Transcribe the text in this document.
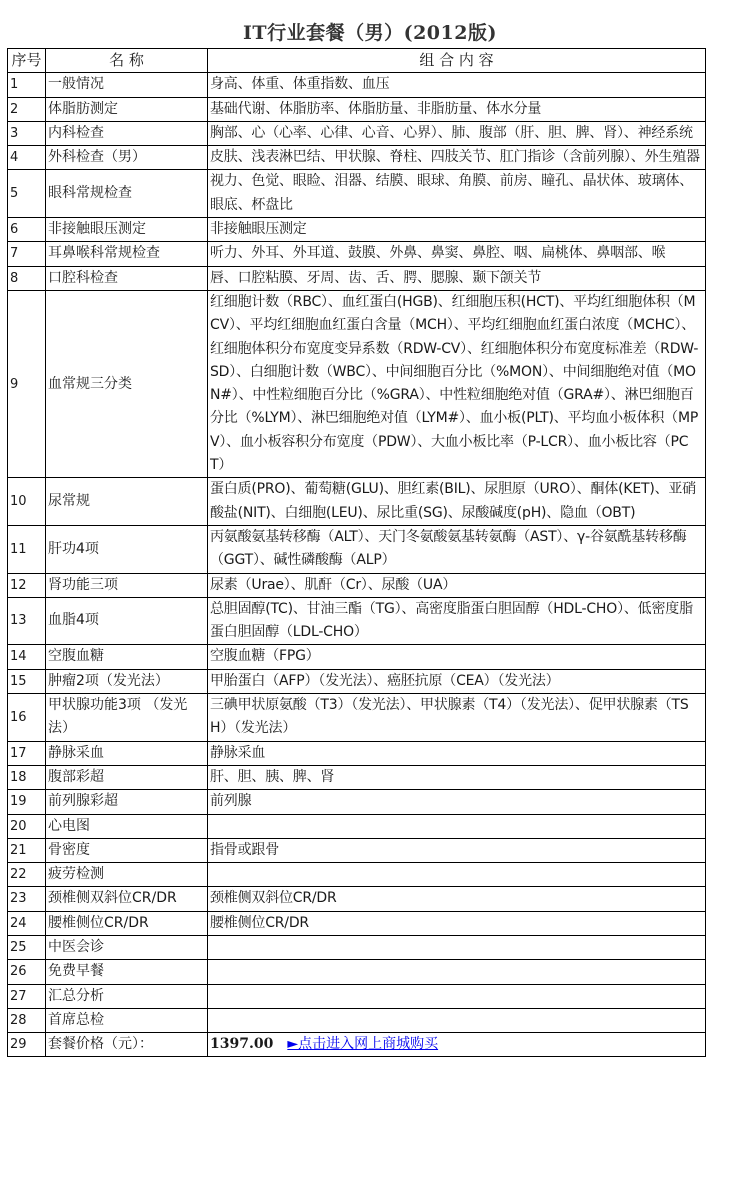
IT行业套餐（男）(2012版)
序号	名 称	组 合 内 容
1	一般情况	身高、体重、体重指数、血压
2	体脂肪测定	基础代谢、体脂肪率、体脂肪量、非脂肪量、体水分量
3	内科检查	胸部、心（心率、心律、心音、心界）、肺、腹部（肝、胆、脾、肾）、神经系统
4	外科检查（男）	皮肤、浅表淋巴结、甲状腺、脊柱、四肢关节、肛门指诊（含前列腺）、外生殖器
5	眼科常规检查	视力、色觉、眼睑、泪器、结膜、眼球、角膜、前房、瞳孔、晶状体、玻璃体、眼底、杯盘比
6	非接触眼压测定	非接触眼压测定
7	耳鼻喉科常规检查	听力、外耳、外耳道、鼓膜、外鼻、鼻窦、鼻腔、咽、扁桃体、鼻咽部、喉
8	口腔科检查	唇、口腔粘膜、牙周、齿、舌、腭、腮腺、颞下颌关节
9	血常规三分类	红细胞计数（RBC）、血红蛋白(HGB)、红细胞压积(HCT)、平均红细胞体积（MCV）、平均红细胞血红蛋白含量（MCH）、平均红细胞血红蛋白浓度（MCHC）、红细胞体积分布宽度变异系数（RDW-CV）、红细胞体积分布宽度标准差（RDW-SD）、白细胞计数（WBC）、中间细胞百分比（%MON）、中间细胞绝对值（MON#）、中性粒细胞百分比（%GRA）、中性粒细胞绝对值（GRA#）、淋巴细胞百分比（%LYM）、淋巴细胞绝对值（LYM#）、血小板(PLT)、平均血小板体积（MPV）、血小板容积分布宽度（PDW）、大血小板比率（P-LCR）、血小板比容（PCT）
10	尿常规	蛋白质(PRO)、葡萄糖(GLU)、胆红素(BIL)、尿胆原（URO）、酮体(KET)、亚硝酸盐(NIT)、白细胞(LEU)、尿比重(SG)、尿酸碱度(pH)、隐血（OBT)
11	肝功4项	丙氨酸氨基转移酶（ALT）、天门冬氨酸氨基转氨酶（AST）、γ-谷氨酰基转移酶（GGT）、碱性磷酸酶（ALP）
12	肾功能三项	尿素（Urae）、肌酐（Cr）、尿酸（UA）
13	血脂4项	总胆固醇(TC)、甘油三酯（TG）、高密度脂蛋白胆固醇（HDL-CHO）、低密度脂蛋白胆固醇（LDL-CHO）
14	空腹血糖	空腹血糖（FPG）
15	肿瘤2项（发光法）	甲胎蛋白（AFP）（发光法）、癌胚抗原（CEA）（发光法）
16	甲状腺功能3项 （发光法）	三碘甲状原氨酸（T3）（发光法）、甲状腺素（T4）（发光法）、促甲状腺素（TSH）（发光法）
17	静脉采血	静脉采血
18	腹部彩超	肝、胆、胰、脾、肾
19	前列腺彩超	前列腺
20	心电图	
21	骨密度	指骨或跟骨
22	疲劳检测	
23	颈椎侧双斜位CR/DR	颈椎侧双斜位CR/DR
24	腰椎侧位CR/DR	腰椎侧位CR/DR
25	中医会诊	
26	免费早餐	
27	汇总分析	
28	首席总检	
29	套餐价格（元）：	1397.00 ►点击进入网上商城购买
